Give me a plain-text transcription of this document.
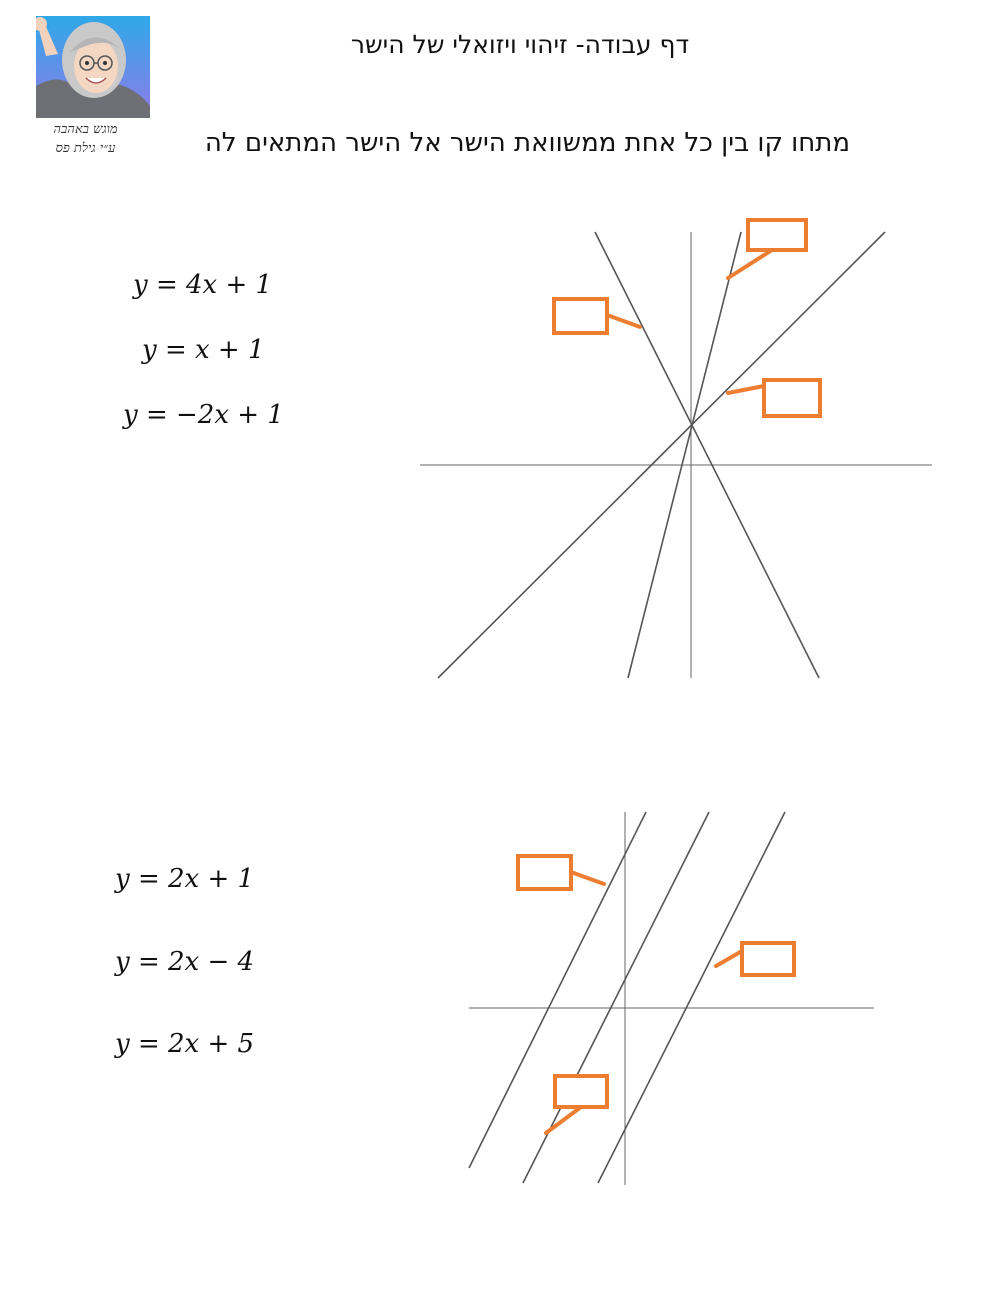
דף עבודה- זיהוי ויזואלי של הישר
מוגש באהבה
ע״י גילת פס	מתחו קו בין כל אחת ממשוואת הישר אל הישר המתאים לה
y = 4x + 1
y = x + 1
y = −2x + 1
y = 2x + 1
y = 2x − 4
y = 2x + 5
